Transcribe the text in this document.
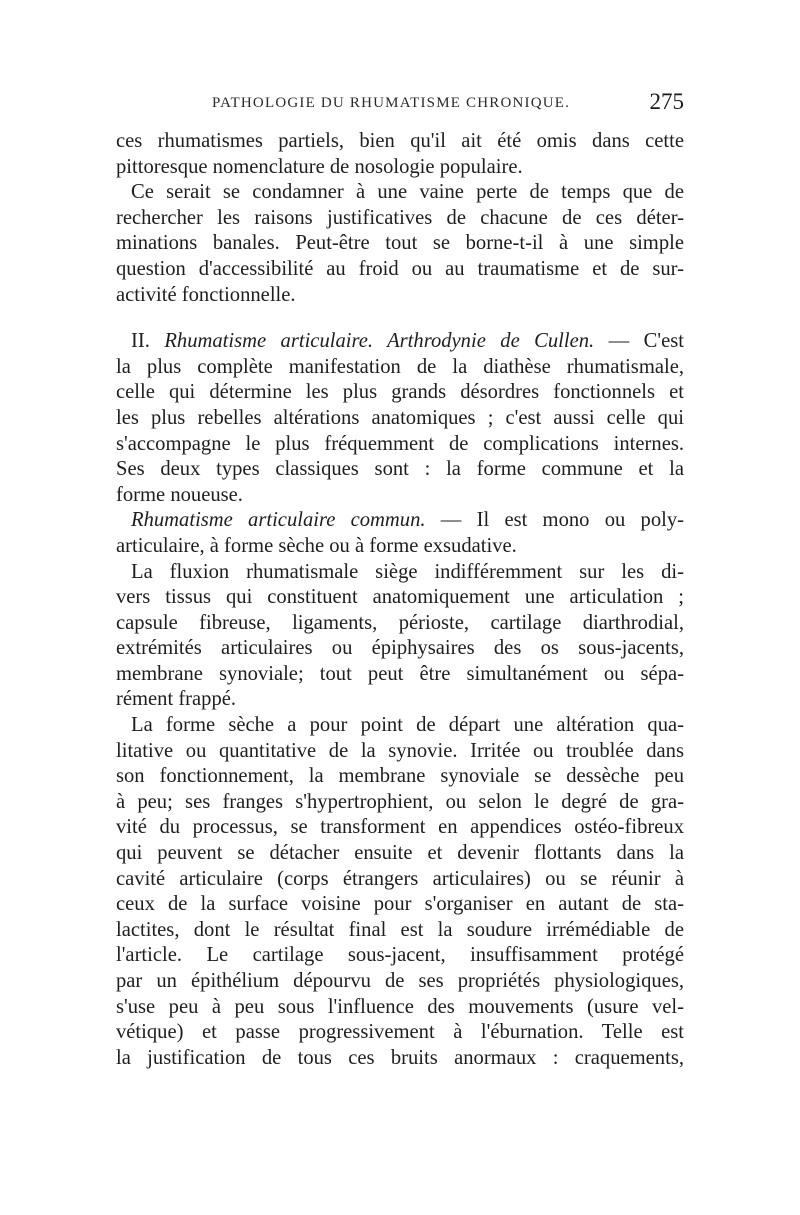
PATHOLOGIE DU RHUMATISME CHRONIQUE.	275
ces rhumatismes partiels, bien qu'il ait été omis dans cette
pittoresque nomenclature de nosologie populaire.
Ce serait se condamner à une vaine perte de temps que de
rechercher les raisons justificatives de chacune de ces déter-
minations banales. Peut-être tout se borne-t-il à une simple
question d'accessibilité au froid ou au traumatisme et de sur-
activité fonctionnelle.
II. Rhumatisme articulaire. Arthrodynie de Cullen. — C'est
la plus complète manifestation de la diathèse rhumatismale,
celle qui détermine les plus grands désordres fonctionnels et
les plus rebelles altérations anatomiques ; c'est aussi celle qui
s'accompagne le plus fréquemment de complications internes.
Ses deux types classiques sont : la forme commune et la
forme noueuse.
Rhumatisme articulaire commun. — Il est mono ou poly-
articulaire, à forme sèche ou à forme exsudative.
La fluxion rhumatismale siège indifféremment sur les di-
vers tissus qui constituent anatomiquement une articulation ;
capsule fibreuse, ligaments, périoste, cartilage diarthrodial,
extrémités articulaires ou épiphysaires des os sous-jacents,
membrane synoviale; tout peut être simultanément ou sépa-
rément frappé.
La forme sèche a pour point de départ une altération qua-
litative ou quantitative de la synovie. Irritée ou troublée dans
son fonctionnement, la membrane synoviale se dessèche peu
à peu; ses franges s'hypertrophient, ou selon le degré de gra-
vité du processus, se transforment en appendices ostéo-fibreux
qui peuvent se détacher ensuite et devenir flottants dans la
cavité articulaire (corps étrangers articulaires) ou se réunir à
ceux de la surface voisine pour s'organiser en autant de sta-
lactites, dont le résultat final est la soudure irrémédiable de
l'article. Le cartilage sous-jacent, insuffisamment protégé
par un épithélium dépourvu de ses propriétés physiologiques,
s'use peu à peu sous l'influence des mouvements (usure vel-
vétique) et passe progressivement à l'éburnation. Telle est
la justification de tous ces bruits anormaux : craquements,
